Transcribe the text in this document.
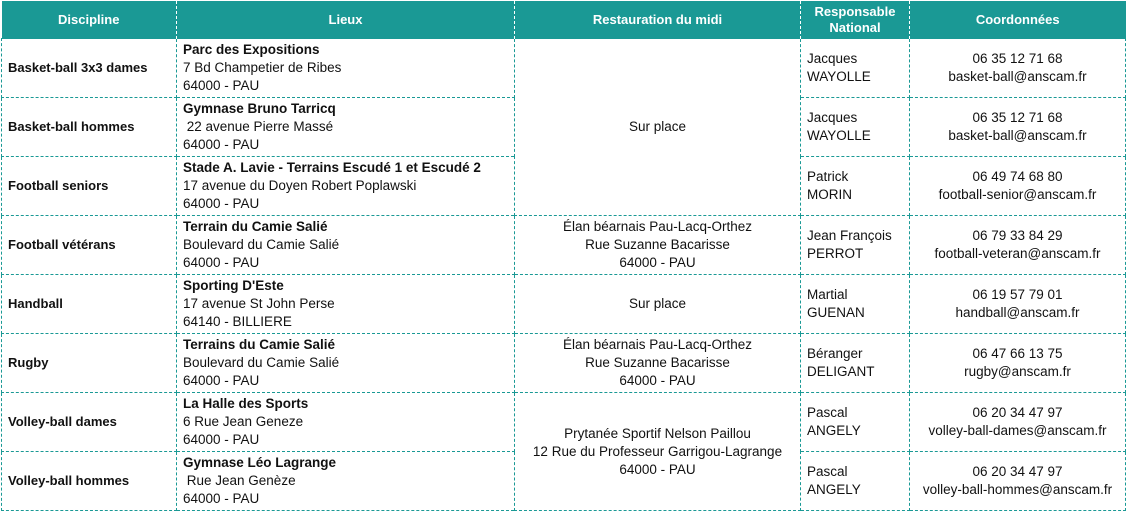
Discipline	Lieux	Restauration du midi	Responsable
National	Coordonnées
Basket-ball 3x3 dames	Parc des Expositions
7 Bd Champetier de Ribes
64000 - PAU	Sur place	Jacques
WAYOLLE	06 35 12 71 68
basket-ball@anscam.fr

Basket-ball hommes	Gymnase Bruno Tarricq
22 avenue Pierre Massé
64000 - PAU		Jacques
WAYOLLE	06 35 12 71 68
basket-ball@anscam.fr

Football seniors	Stade A. Lavie - Terrains Escudé 1 et Escudé 2
17 avenue du Doyen Robert Poplawski
64000 - PAU		Patrick
MORIN	06 49 74 68 80
football-senior@anscam.fr

Football vétérans	Terrain du Camie Salié
Boulevard du Camie Salié
64000 - PAU	Élan béarnais Pau-Lacq-Orthez
Rue Suzanne Bacarisse
64000 - PAU	Jean François
PERROT	06 79 33 84 29
football-veteran@anscam.fr

Handball	Sporting D'Este
17 avenue St John Perse
64140 - BILLIERE	Sur place	Martial
GUENAN	06 19 57 79 01
handball@anscam.fr

Rugby	Terrains du Camie Salié
Boulevard du Camie Salié
64000 - PAU	Élan béarnais Pau-Lacq-Orthez
Rue Suzanne Bacarisse
64000 - PAU	Béranger
DELIGANT	06 47 66 13 75
rugby@anscam.fr

Volley-ball dames	La Halle des Sports
6 Rue Jean Geneze
64000 - PAU	Prytanée Sportif Nelson Paillou
12 Rue du Professeur Garrigou-Lagrange
64000 - PAU	Pascal
ANGELY	06 20 34 47 97
volley-ball-dames@anscam.fr

Volley-ball hommes	Gymnase Léo Lagrange
Rue Jean Genèze
64000 - PAU		Pascal
ANGELY	06 20 34 47 97
volley-ball-hommes@anscam.fr
